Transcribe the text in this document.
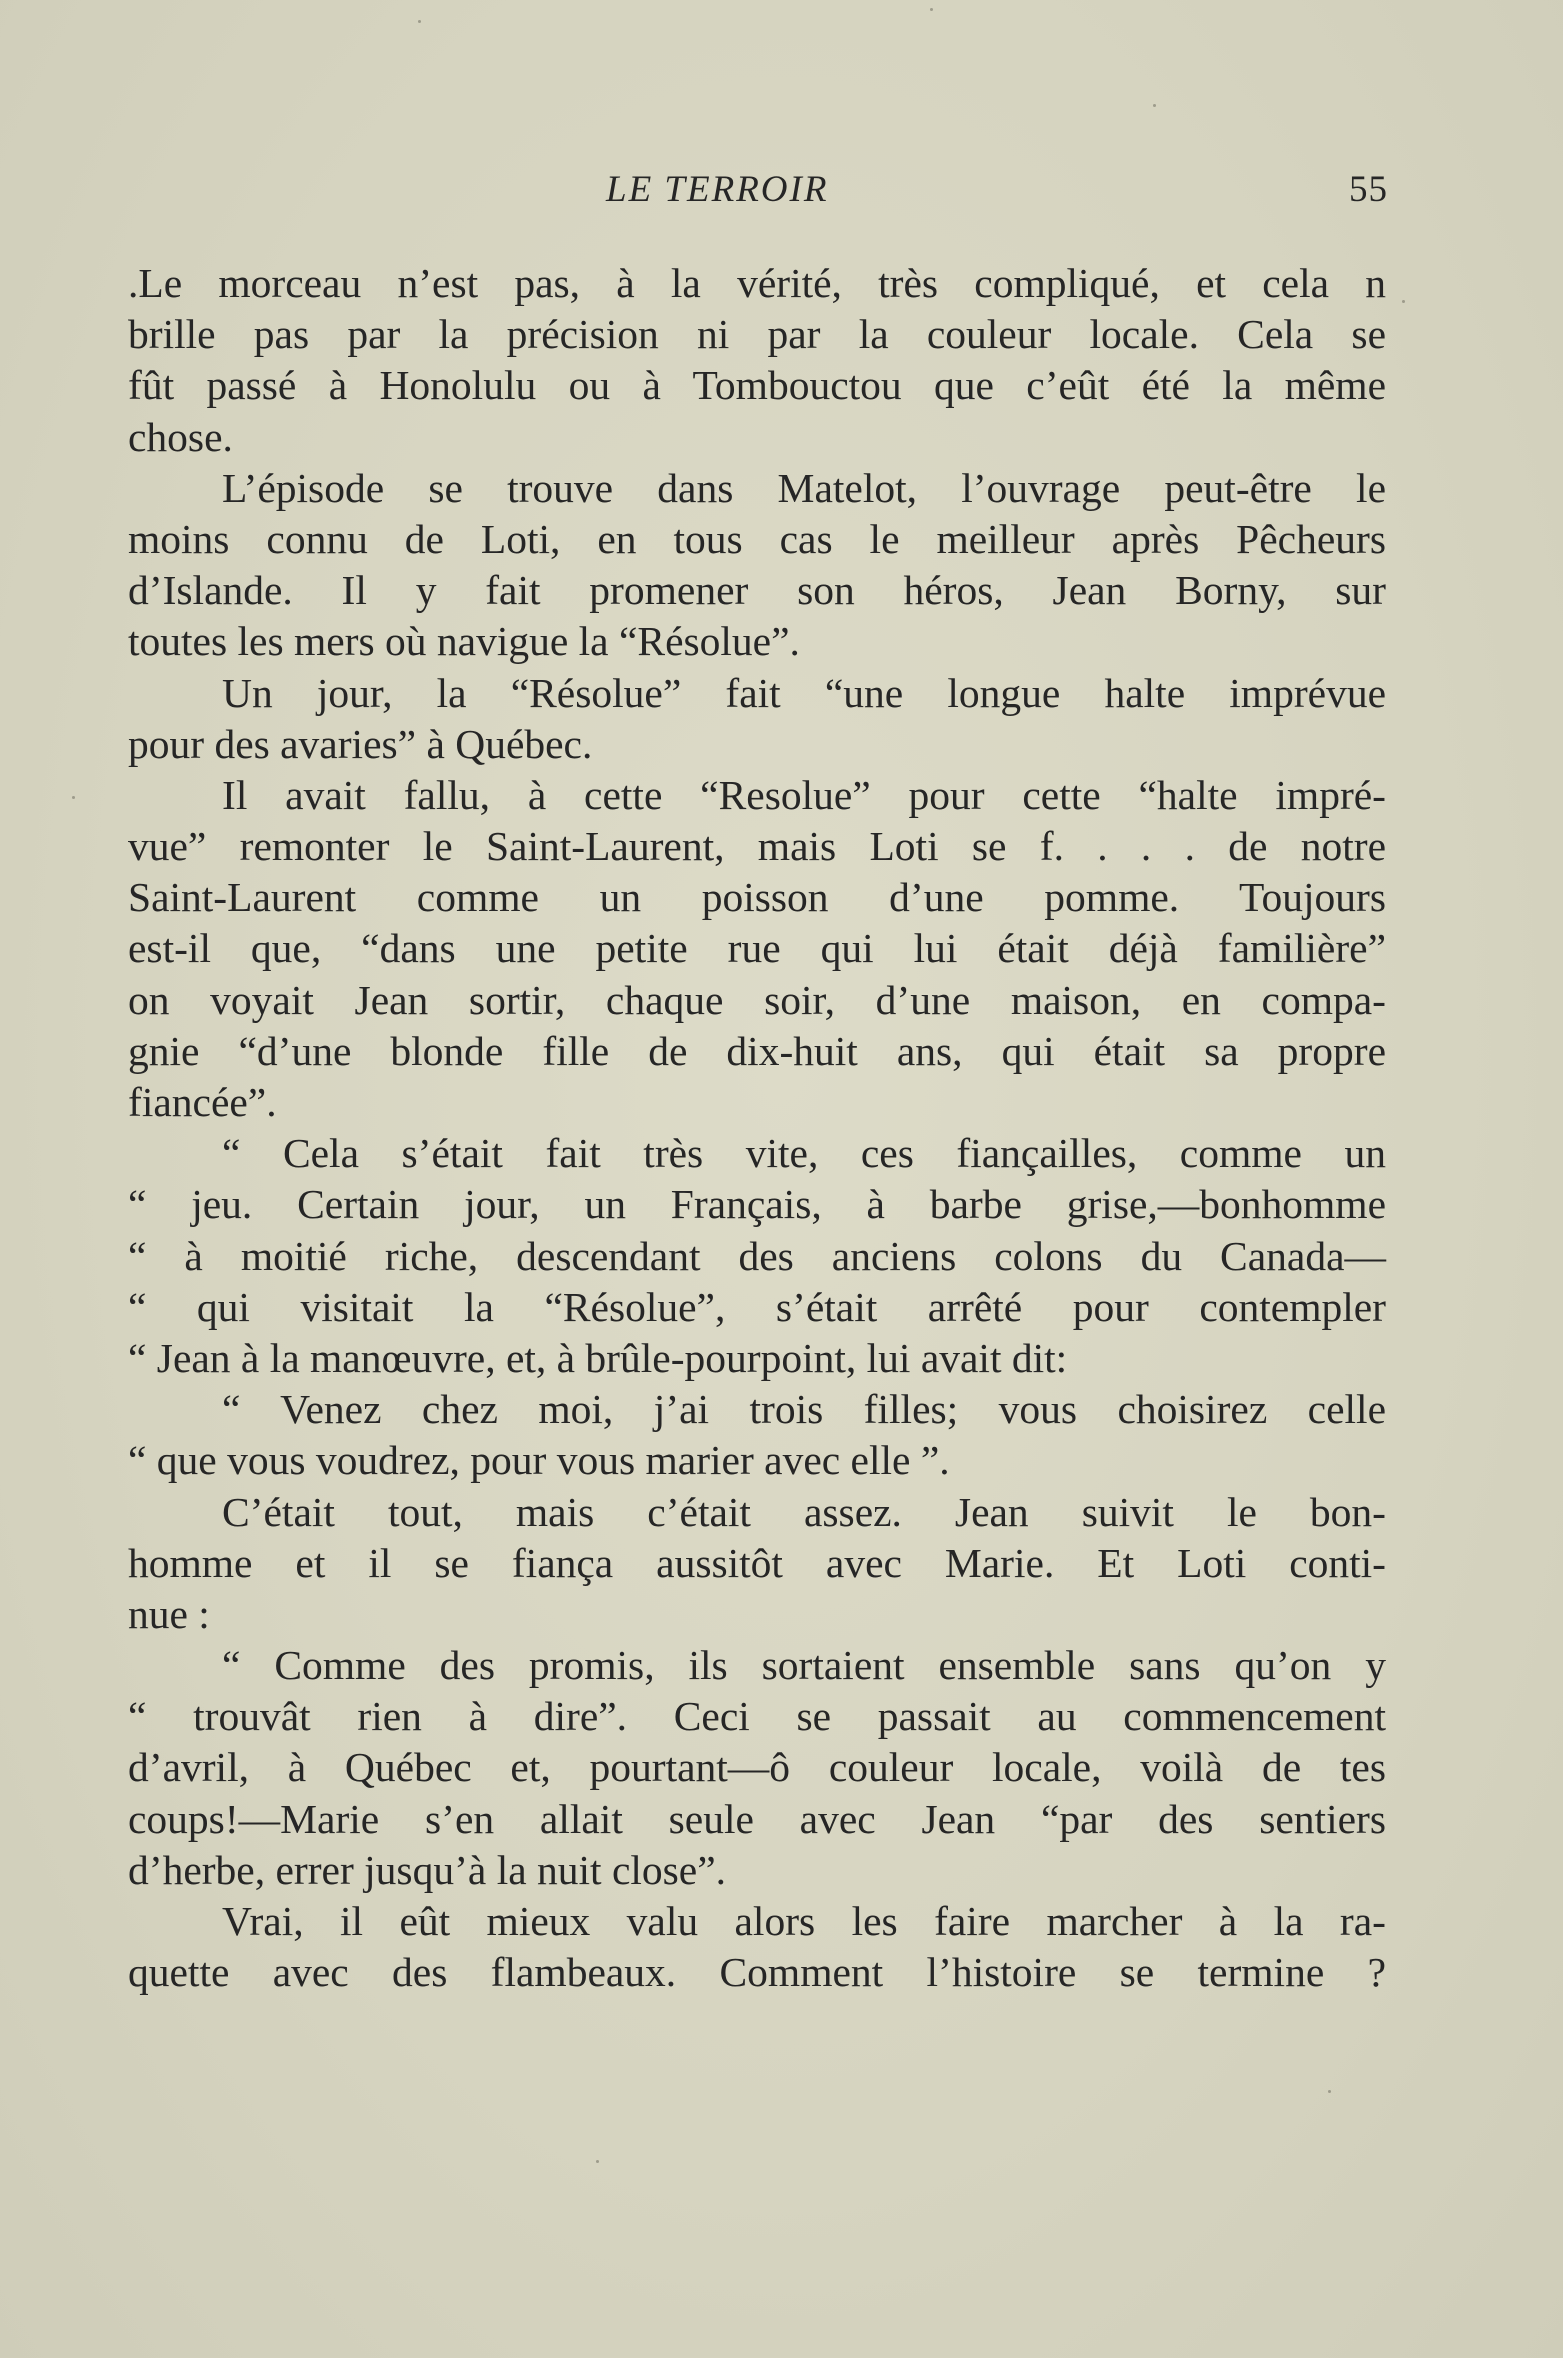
LE TERROIR	55
.Le morceau n’est pas, à la vérité, très compliqué, et cela n
brille pas par la précision ni par la couleur locale. Cela se
fût passé à Honolulu ou à Tombouctou que c’eût été la même
chose.
L’épisode se trouve dans Matelot, l’ouvrage peut-être le
moins connu de Loti, en tous cas le meilleur après Pêcheurs
d’Islande. Il y fait promener son héros, Jean Borny, sur
toutes les mers où navigue la “Résolue”.
Un jour, la “Résolue” fait “une longue halte imprévue
pour des avaries” à Québec.
Il avait fallu, à cette “Resolue” pour cette “halte impré-
vue” remonter le Saint-Laurent, mais Loti se f. . . . de notre
Saint-Laurent comme un poisson d’une pomme. Toujours
est-il que, “dans une petite rue qui lui était déjà familière”
on voyait Jean sortir, chaque soir, d’une maison, en compa-
gnie “d’une blonde fille de dix-huit ans, qui était sa propre
fiancée”.
“ Cela s’était fait très vite, ces fiançailles, comme un
“ jeu. Certain jour, un Français, à barbe grise,—bonhomme
“ à moitié riche, descendant des anciens colons du Canada—
“ qui visitait la “Résolue”, s’était arrêté pour contempler
“ Jean à la manœuvre, et, à brûle-pourpoint, lui avait dit:
“ Venez chez moi, j’ai trois filles; vous choisirez celle
“ que vous voudrez, pour vous marier avec elle ”.
C’était tout, mais c’était assez. Jean suivit le bon-
homme et il se fiança aussitôt avec Marie. Et Loti conti-
nue :
“ Comme des promis, ils sortaient ensemble sans qu’on y
“ trouvât rien à dire”. Ceci se passait au commencement
d’avril, à Québec et, pourtant—ô couleur locale, voilà de tes
coups!—Marie s’en allait seule avec Jean “par des sentiers
d’herbe, errer jusqu’à la nuit close”.
Vrai, il eût mieux valu alors les faire marcher à la ra-
quette avec des flambeaux. Comment l’histoire se termine ?
